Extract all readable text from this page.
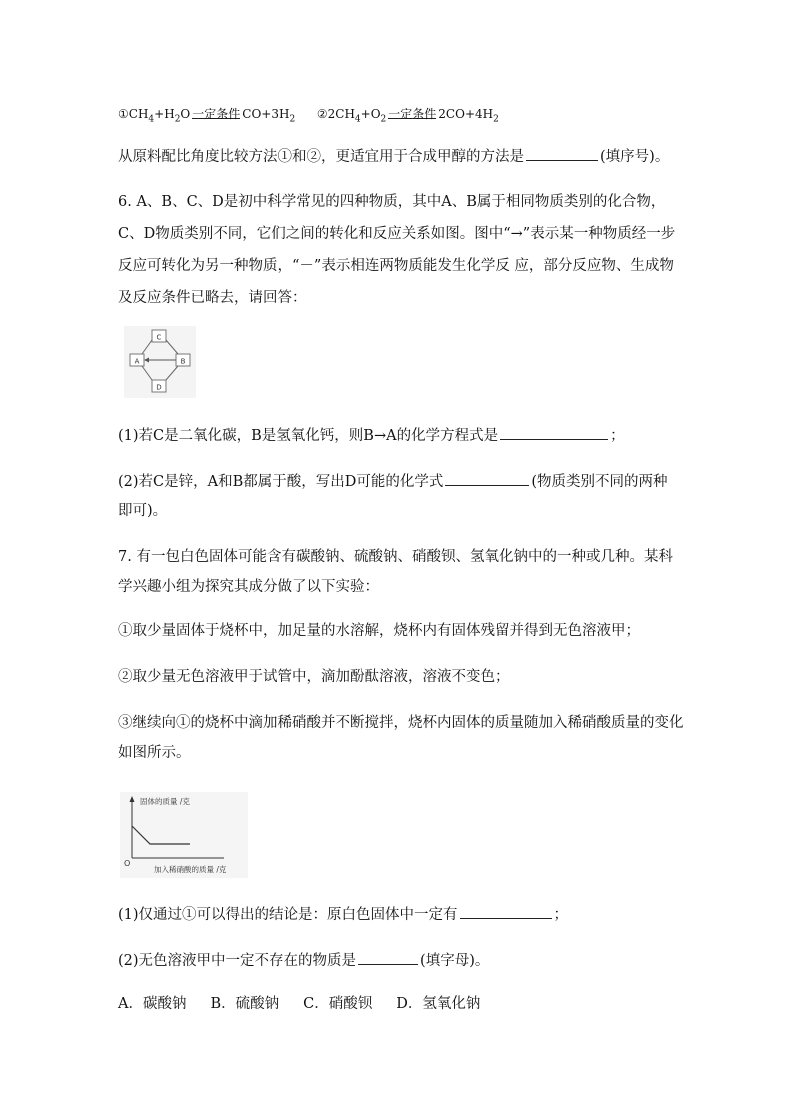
$①CH_4+H_2O$ 一定条件 $CO+3H_2$ $②2CH_4+O_2$ 一定条件 $2CO+4H_2$
从原料配比角度比较方法①和②，更适宜用于合成甲醇的方法是	(填序号)。
6. A、B、C、D是初中科学常见的四种物质，其中A、B属于相同物质类别的化合物，
C、D物质类别不同，它们之间的转化和反应关系如图。图中“→”表示某一种物质经一步
反应可转化为另一种物质，“－”表示相连两物质能发生化学反 应，部分反应物、生成物
及反应条件已略去，请回答：
C
A	B
D
(1)若C是二氧化碳，B是氢氧化钙，则B→A的化学方程式是	；
(2)若C是锌，A和B都属于酸，写出D可能的化学式	(物质类别不同的两种
即可)。
7. 有一包白色固体可能含有碳酸钠、硫酸钠、硝酸钡、氢氧化钠中的一种或几种。某科
学兴趣小组为探究其成分做了以下实验：
①取少量固体于烧杯中，加足量的水溶解，烧杯内有固体残留并得到无色溶液甲；
②取少量无色溶液甲于试管中，滴加酚酞溶液，溶液不变色；
③继续向①的烧杯中滴加稀硝酸并不断搅拌，烧杯内固体的质量随加入稀硝酸质量的变化
如图所示。
固体的质量 /克
O
加入稀硝酸的质量 /克
(1)仅通过①可以得出的结论是：原白色固体中一定有	；
(2)无色溶液甲中一定不存在的物质是	(填字母)。
A．碳酸钠 B．硫酸钠 C．硝酸钡 D．氢氧化钠
